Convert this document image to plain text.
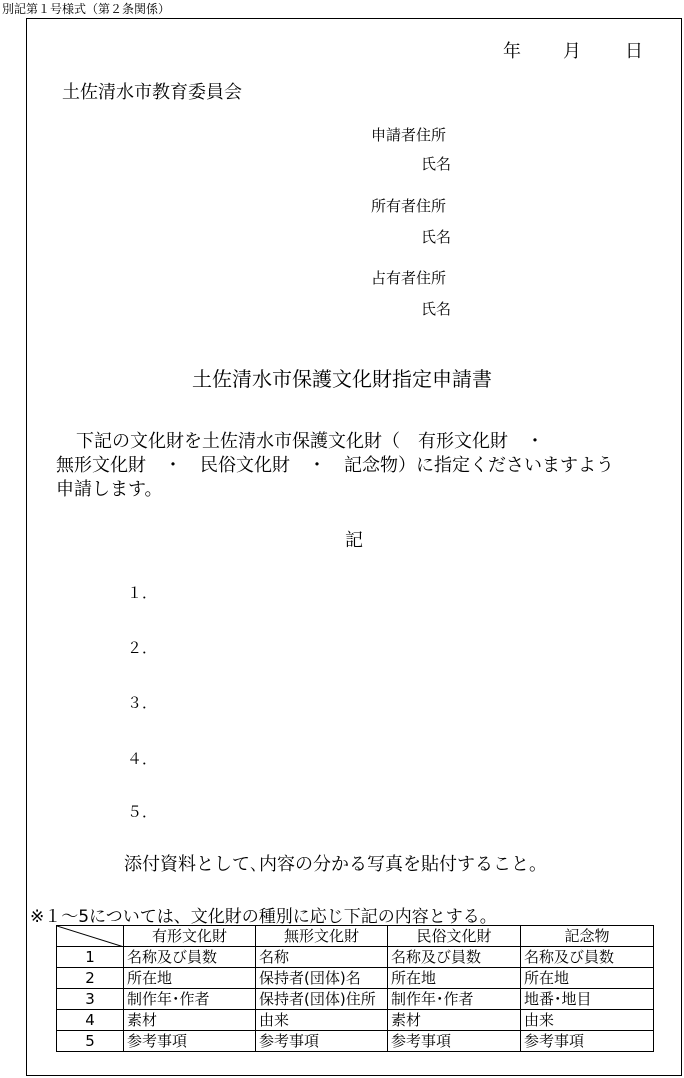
別記第１号様式（第２条関係）
年 月 日
土佐清水市教育委員会
申請者住所
氏名
所有者住所
氏名
占有者住所
氏名
土佐清水市保護文化財指定申請書
下記の文化財を土佐清水市保護文化財（　有形文化財　・
無形文化財　・　民俗文化財　・　記念物）に指定くださいますよう
申請します。
記
１．
２．
３．
４．
５．
添付資料として､内容の分かる写真を貼付すること。
※１～5については、文化財の種別に応じ下記の内容とする。
	有形文化財	無形文化財	民俗文化財	記念物
1	名称及び員数	名称	名称及び員数	名称及び員数
2	所在地	保持者(団体)名	所在地	所在地
3	制作年･作者	保持者(団体)住所	制作年･作者	地番･地目
4	素材	由来	素材	由来
5	参考事項	参考事項	参考事項	参考事項
